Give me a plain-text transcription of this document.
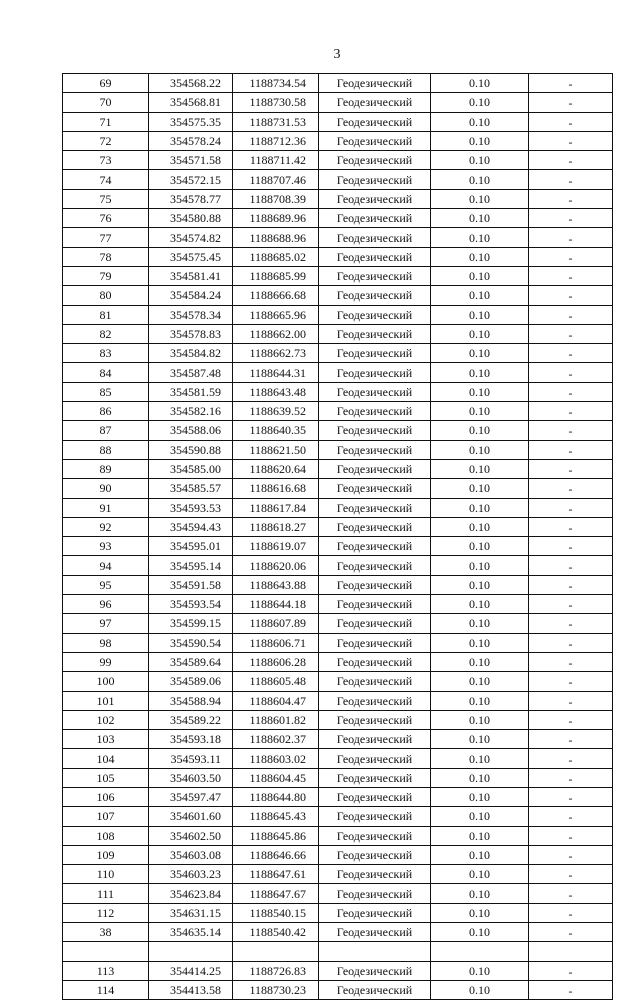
3
69	354568.22	1188734.54	Геодезический	0.10	-
70	354568.81	1188730.58	Геодезический	0.10	-
71	354575.35	1188731.53	Геодезический	0.10	-
72	354578.24	1188712.36	Геодезический	0.10	-
73	354571.58	1188711.42	Геодезический	0.10	-
74	354572.15	1188707.46	Геодезический	0.10	-
75	354578.77	1188708.39	Геодезический	0.10	-
76	354580.88	1188689.96	Геодезический	0.10	-
77	354574.82	1188688.96	Геодезический	0.10	-
78	354575.45	1188685.02	Геодезический	0.10	-
79	354581.41	1188685.99	Геодезический	0.10	-
80	354584.24	1188666.68	Геодезический	0.10	-
81	354578.34	1188665.96	Геодезический	0.10	-
82	354578.83	1188662.00	Геодезический	0.10	-
83	354584.82	1188662.73	Геодезический	0.10	-
84	354587.48	1188644.31	Геодезический	0.10	-
85	354581.59	1188643.48	Геодезический	0.10	-
86	354582.16	1188639.52	Геодезический	0.10	-
87	354588.06	1188640.35	Геодезический	0.10	-
88	354590.88	1188621.50	Геодезический	0.10	-
89	354585.00	1188620.64	Геодезический	0.10	-
90	354585.57	1188616.68	Геодезический	0.10	-
91	354593.53	1188617.84	Геодезический	0.10	-
92	354594.43	1188618.27	Геодезический	0.10	-
93	354595.01	1188619.07	Геодезический	0.10	-
94	354595.14	1188620.06	Геодезический	0.10	-
95	354591.58	1188643.88	Геодезический	0.10	-
96	354593.54	1188644.18	Геодезический	0.10	-
97	354599.15	1188607.89	Геодезический	0.10	-
98	354590.54	1188606.71	Геодезический	0.10	-
99	354589.64	1188606.28	Геодезический	0.10	-
100	354589.06	1188605.48	Геодезический	0.10	-
101	354588.94	1188604.47	Геодезический	0.10	-
102	354589.22	1188601.82	Геодезический	0.10	-
103	354593.18	1188602.37	Геодезический	0.10	-
104	354593.11	1188603.02	Геодезический	0.10	-
105	354603.50	1188604.45	Геодезический	0.10	-
106	354597.47	1188644.80	Геодезический	0.10	-
107	354601.60	1188645.43	Геодезический	0.10	-
108	354602.50	1188645.86	Геодезический	0.10	-
109	354603.08	1188646.66	Геодезический	0.10	-
110	354603.23	1188647.61	Геодезический	0.10	-
111	354623.84	1188647.67	Геодезический	0.10	-
112	354631.15	1188540.15	Геодезический	0.10	-
38	354635.14	1188540.42	Геодезический	0.10	-

113	354414.25	1188726.83	Геодезический	0.10	-
114	354413.58	1188730.23	Геодезический	0.10	-
